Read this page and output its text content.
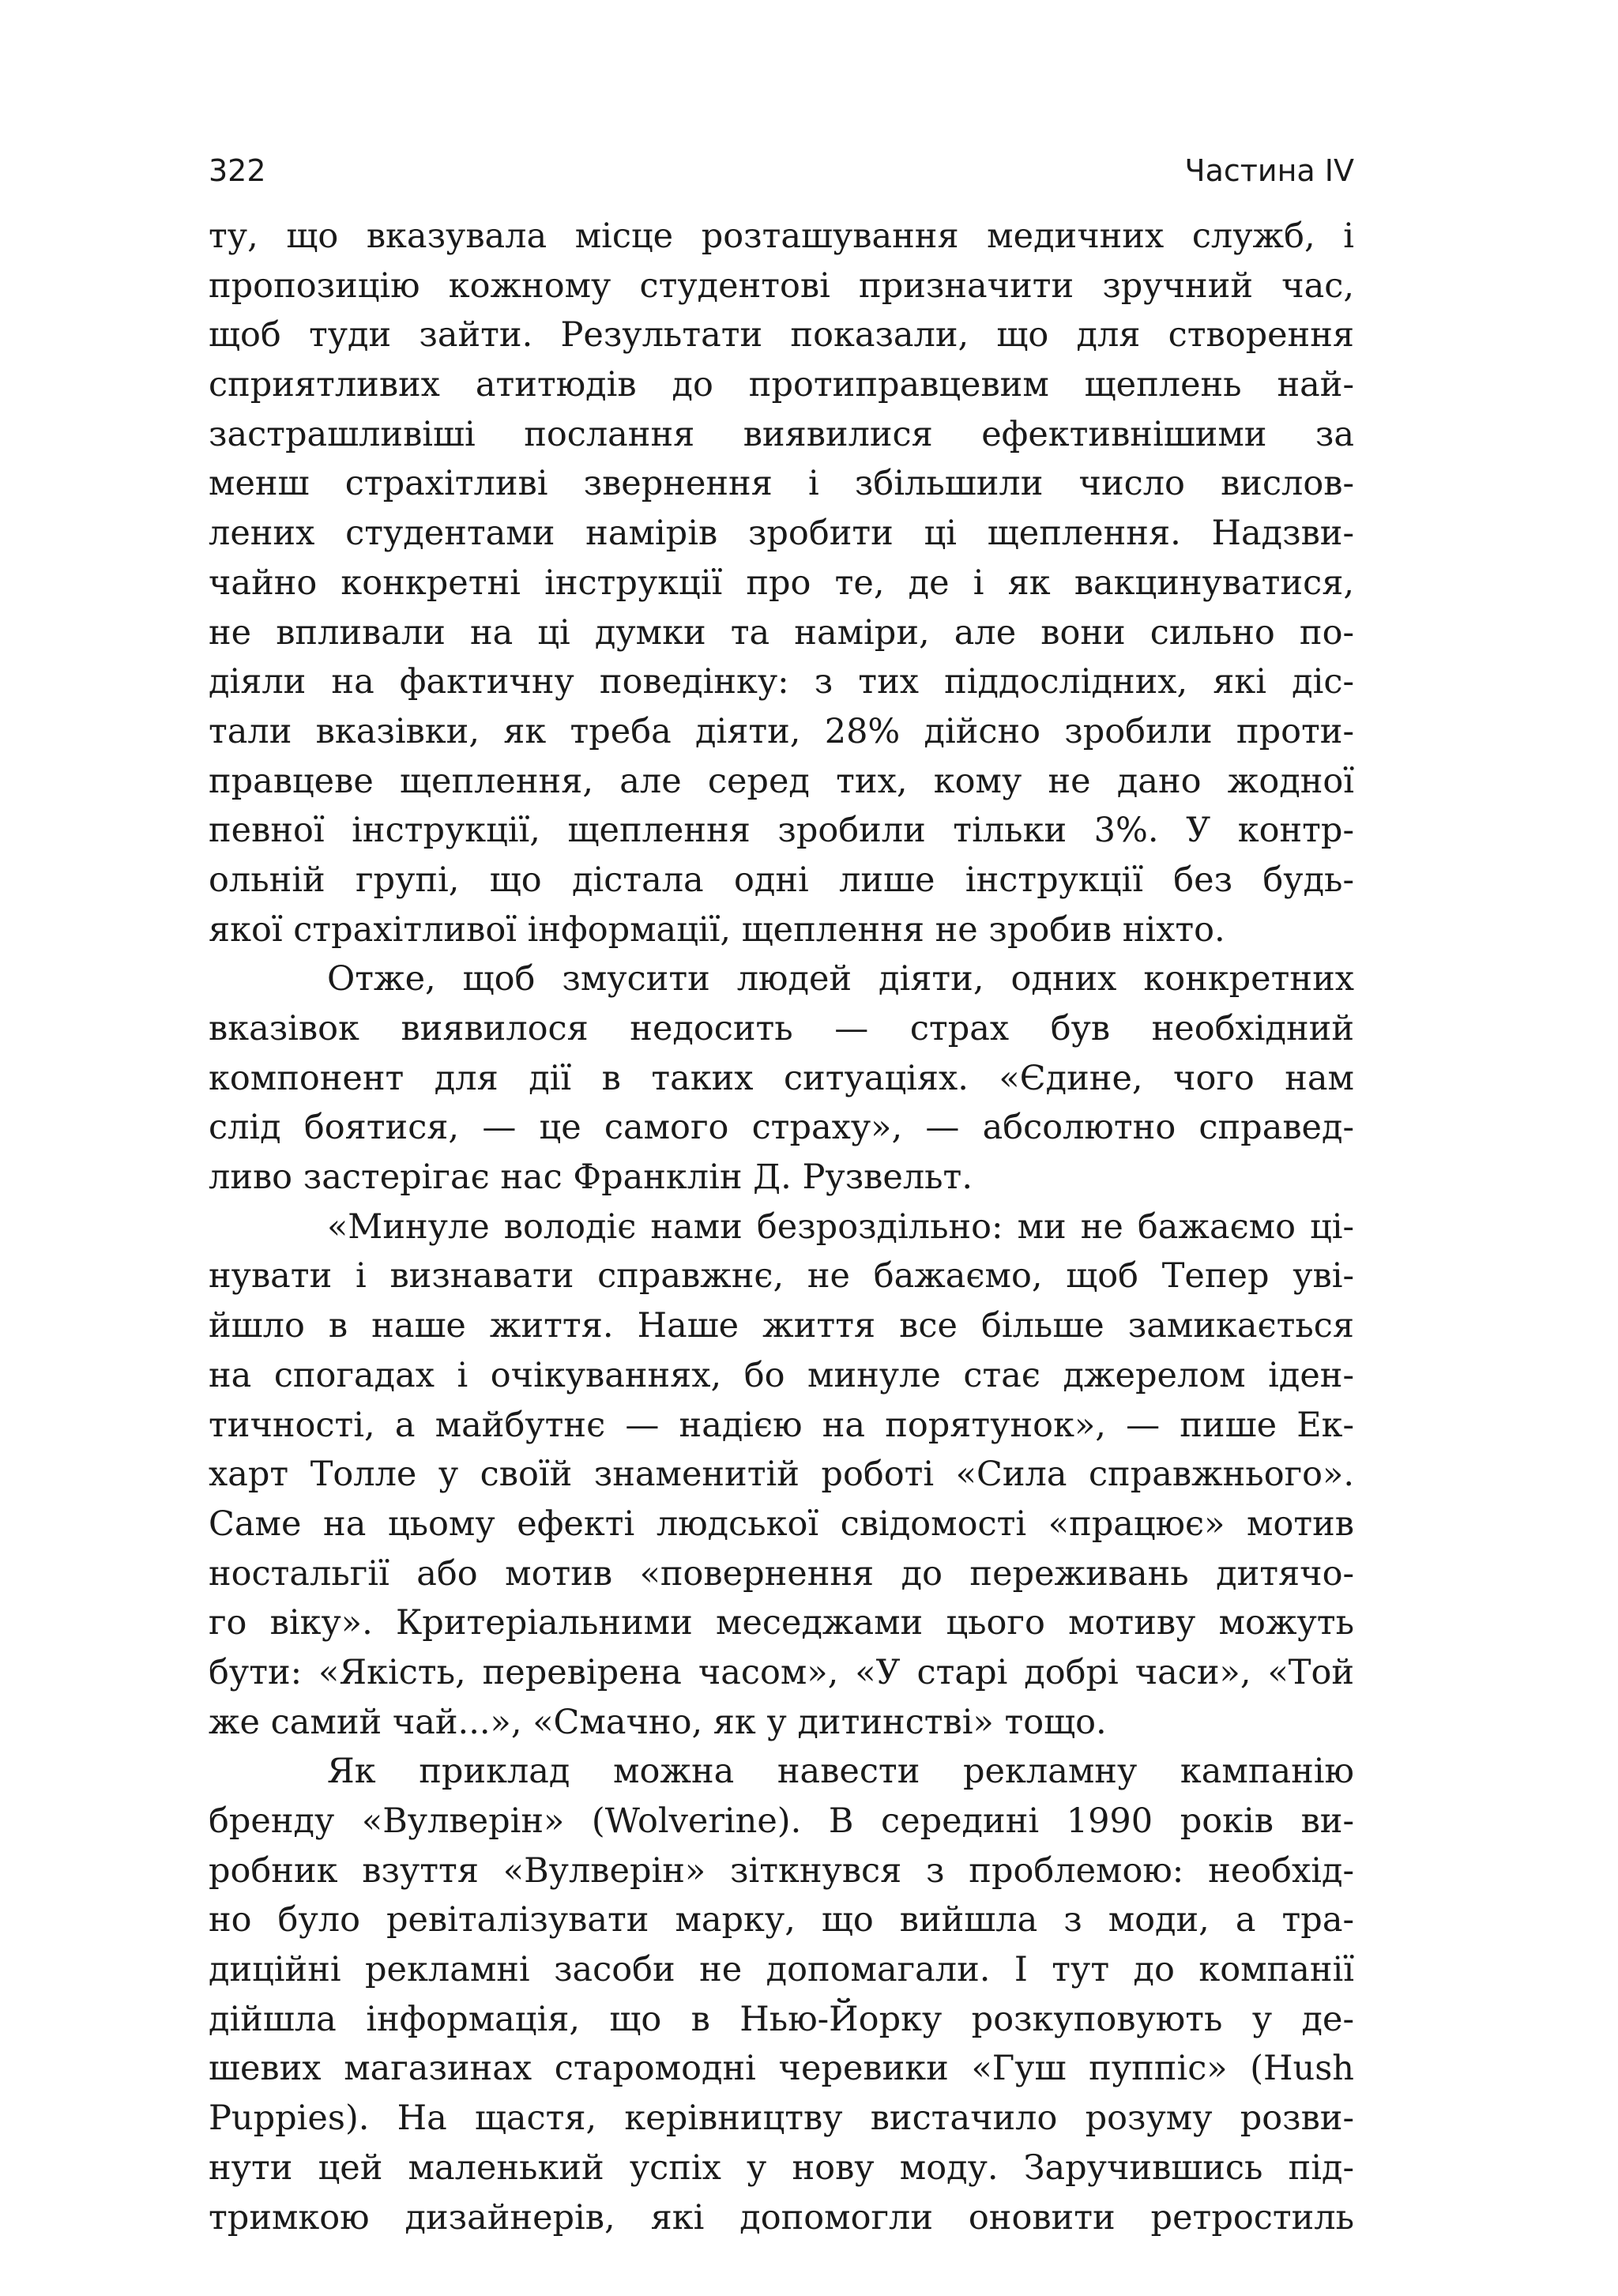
322	Частина IV
ту, що вказувала місце розташування медичних служб, і
пропозицію кожному студентові призначити зручний час,
щоб туди зайти. Результати показали, що для створення
сприятливих атитюдів до протиправцевим щеплень най-
застрашливіші послання виявилися ефективнішими за
менш страхітливі звернення і збільшили число вислов-
лених студентами намірів зробити ці щеплення. Надзви-
чайно конкретні інструкції про те, де і як вакцинуватися,
не впливали на ці думки та наміри, але вони сильно по-
діяли на фактичну поведінку: з тих піддослідних, які діс-
тали вказівки, як треба діяти, 28% дійсно зробили проти-
правцеве щеплення, але серед тих, кому не дано жодної
певної інструкції, щеплення зробили тільки 3%. У контр-
ольній групі, що дістала одні лише інструкції без будь-
якої страхітливої інформації, щеплення не зробив ніхто.
Отже, щоб змусити людей діяти, одних конкретних
вказівок виявилося недосить — страх був необхідний
компонент для дії в таких ситуаціях. «Єдине, чого нам
слід боятися, — це самого страху», — абсолютно справед-
ливо застерігає нас Франклін Д. Рузвельт.
«Минуле володіє нами безроздільно: ми не бажаємо ці-
нувати і визнавати справжнє, не бажаємо, щоб Тепер уві-
йшло в наше життя. Наше життя все більше замикається
на спогадах і очікуваннях, бо минуле стає джерелом іден-
тичності, а майбутнє — надією на порятунок», — пише Ек-
харт Толле у своїй знаменитій роботі «Сила справжнього».
Саме на цьому ефекті людської свідомості «працює» мотив
ностальгії або мотив «повернення до переживань дитячо-
го віку». Критеріальними меседжами цього мотиву можуть
бути: «Якість, перевірена часом», «У старі добрі часи», «Той
же самий чай...», «Смачно, як у дитинстві» тощо.
Як приклад можна навести рекламну кампанію
бренду «Вулверін» (Wolverine). В середині 1990 років ви-
робник взуття «Вулверін» зіткнувся з проблемою: необхід-
но було ревіталізувати марку, що вийшла з моди, а тра-
диційні рекламні засоби не допомагали. І тут до компанії
дійшла інформація, що в Нью-Йорку розкуповують у де-
шевих магазинах старомодні черевики «Гуш пуппіс» (Hush
Puppies). На щастя, керівництву вистачило розуму розви-
нути цей маленький успіх у нову моду. Заручившись під-
тримкою дизайнерів, які допомогли оновити ретростиль
